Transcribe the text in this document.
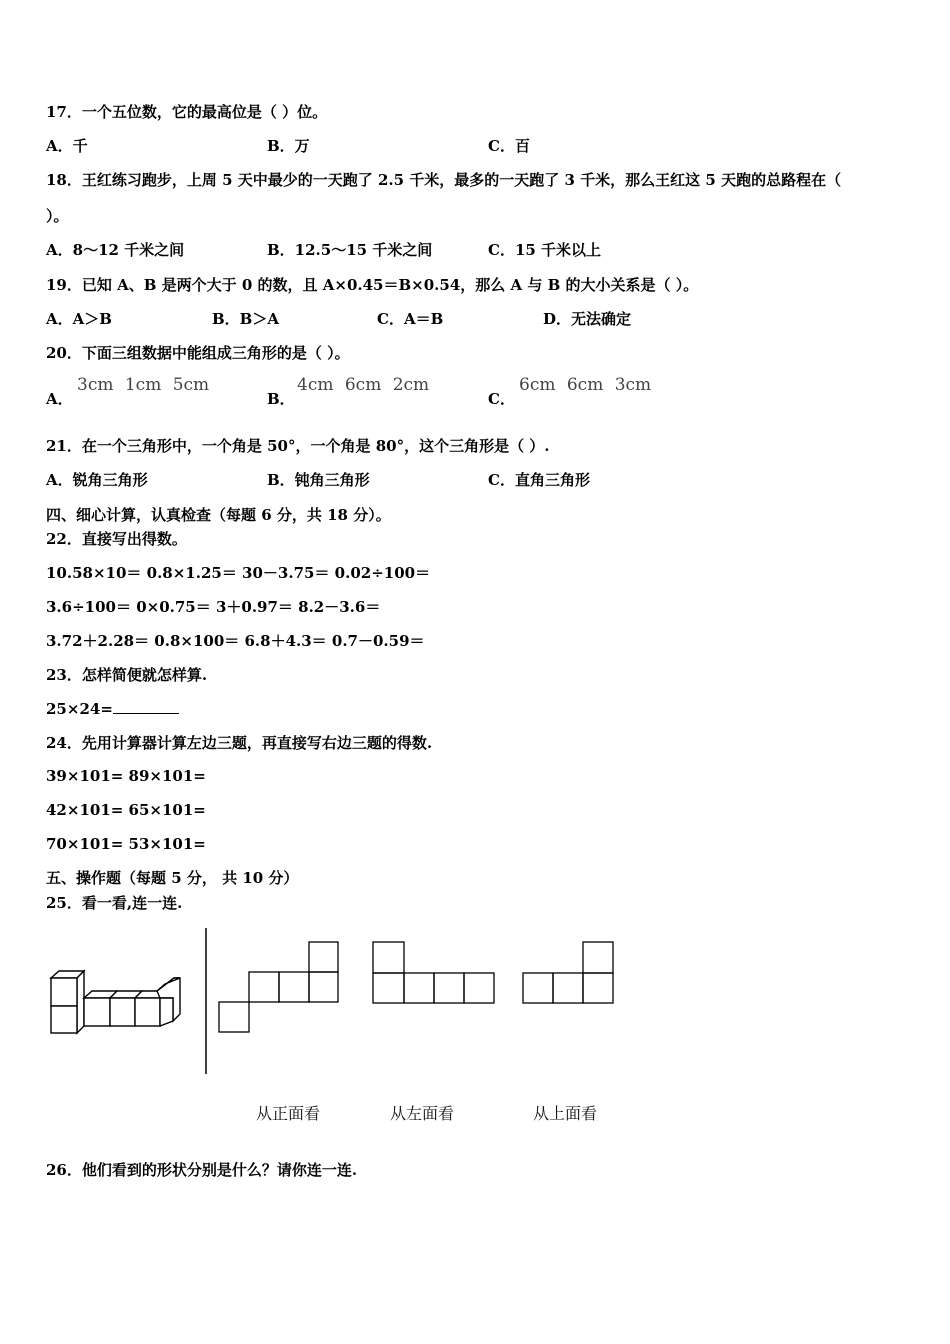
17．一个五位数，它的最高位是（ ）位。
A．千	B．万	C．百
18．王红练习跑步，上周 5 天中最少的一天跑了 2.5 千米，最多的一天跑了 3 千米，那么王红这 5 天跑的总路程在（
）。
A．8～12 千米之间	B．12.5～15 千米之间	C．15 千米以上
19．已知 A、B 是两个大于 0 的数，且 A×0.45＝B×0.54，那么 A 与 B 的大小关系是（ ）。
A．A＞B	B．B＞A	C．A＝B	D．无法确定
20．下面三组数据中能组成三角形的是（ ）。
A．
3cm 1cm 5cm
B．
4cm 6cm 2cm
C．
6cm 6cm 3cm
21．在一个三角形中，一个角是 50°，一个角是 80°，这个三角形是（ ）.
A．锐角三角形	B．钝角三角形	C．直角三角形
四、细心计算，认真检查（每题 6 分，共 18 分）。
22．直接写出得数。
10.58×10＝ 0.8×1.25＝ 30－3.75＝ 0.02÷100＝
3.6÷100＝ 0×0.75＝ 3＋0.97＝ 8.2－3.6＝
3.72＋2.28＝ 0.8×100＝ 6.8＋4.3＝ 0.7－0.59＝
23．怎样简便就怎样算.
25×24=
24．先用计算器计算左边三题，再直接写右边三题的得数.
39×101= 89×101=
42×101= 65×101=
70×101= 53×101=
五、操作题（每题 5 分， 共 10 分）
25．看一看,连一连.
从正面看	从左面看	从上面看
26．他们看到的形状分别是什么？请你连一连.
